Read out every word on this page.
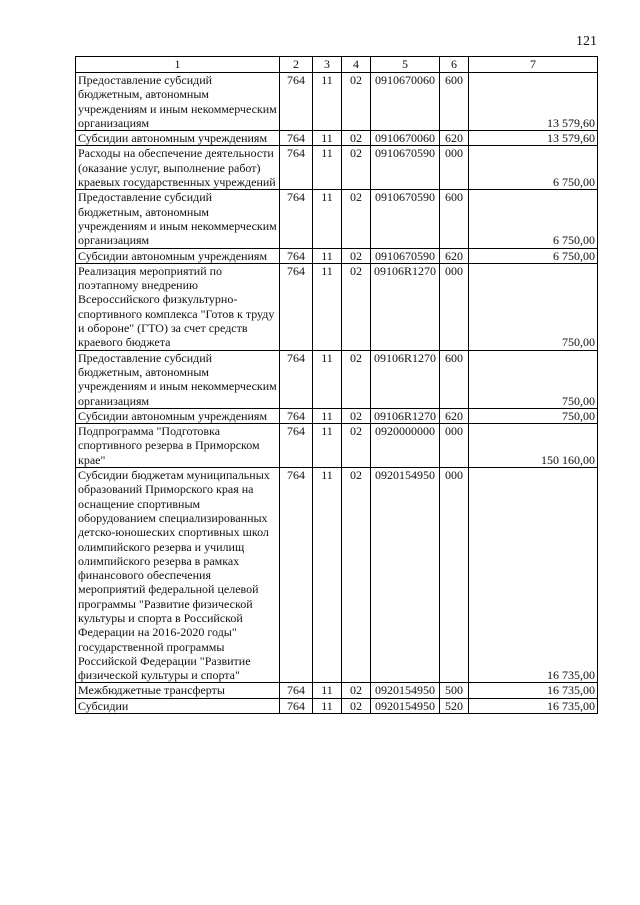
121
1	2	3	4	5	6	7
Предоставление субсидий бюджетным, автономным учреждениям и иным некоммерческим организациям	764	11	02	0910670060	600	13 579,60
Субсидии автономным учреждениям	764	11	02	0910670060	620	13 579,60
Расходы на обеспечение деятельности (оказание услуг, выполнение работ) краевых государственных учреждений	764	11	02	0910670590	000	6 750,00
Предоставление субсидий бюджетным, автономным учреждениям и иным некоммерческим организациям	764	11	02	0910670590	600	6 750,00
Субсидии автономным учреждениям	764	11	02	0910670590	620	6 750,00
Реализация мероприятий по поэтапному внедрению Всероссийского физкультурно-спортивного комплекса "Готов к труду и обороне" (ГТО) за счет средств краевого бюджета	764	11	02	09106R1270	000	750,00
Предоставление субсидий бюджетным, автономным учреждениям и иным некоммерческим организациям	764	11	02	09106R1270	600	750,00
Субсидии автономным учреждениям	764	11	02	09106R1270	620	750,00
Подпрограмма "Подготовка спортивного резерва в Приморском крае"	764	11	02	0920000000	000	150 160,00
Субсидии бюджетам муниципальных образований Приморского края на оснащение спортивным оборудованием специализированных детско-юношеских спортивных школ олимпийского резерва и училищ олимпийского резерва в рамках финансового обеспечения мероприятий федеральной целевой программы "Развитие физической культуры и спорта в Российской Федерации на 2016-2020 годы" государственной программы Российской Федерации "Развитие физической культуры и спорта"	764	11	02	0920154950	000	16 735,00
Межбюджетные трансферты	764	11	02	0920154950	500	16 735,00
Субсидии	764	11	02	0920154950	520	16 735,00
